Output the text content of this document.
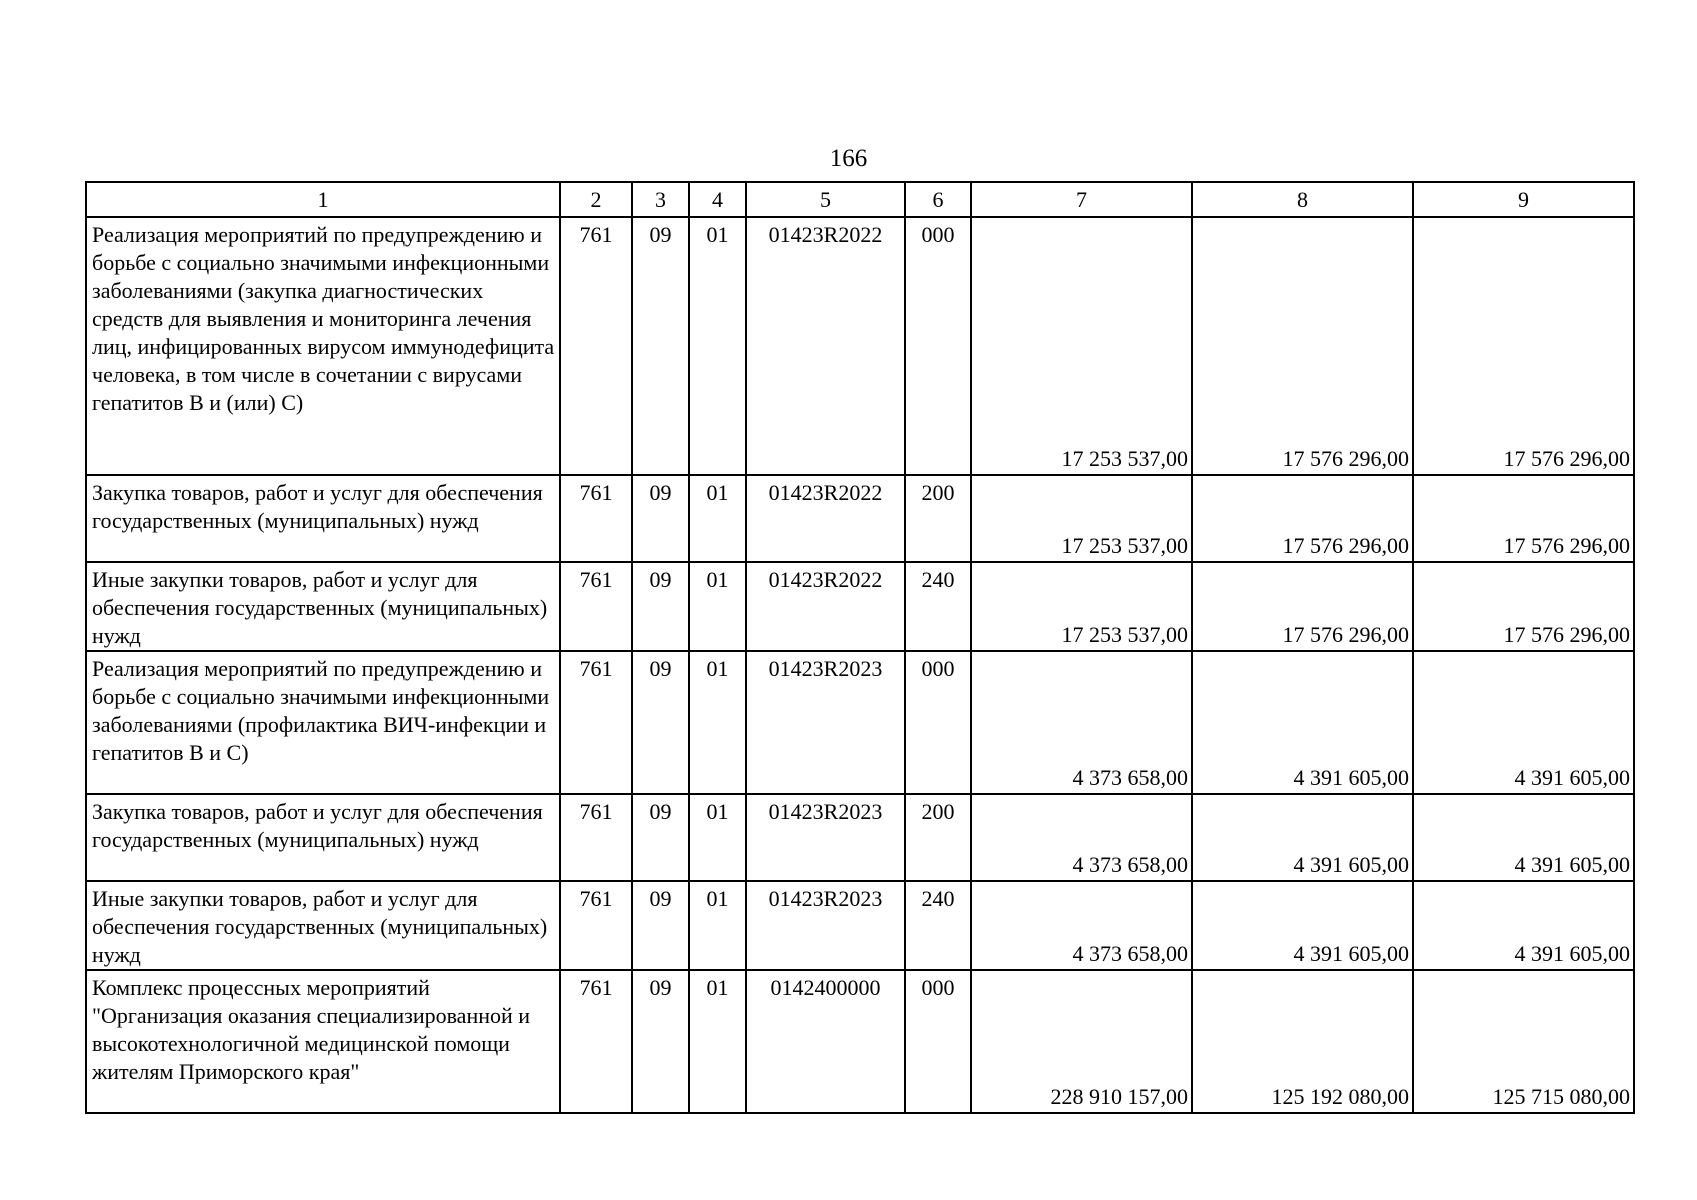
166
1	2	3	4	5	6	7	8	9
Реализация мероприятий по предупреждению и борьбе с социально значимыми инфекционными заболеваниями (закупка диагностических средств для выявления и мониторинга лечения лиц, инфицированных вирусом иммунодефицита человека, в том числе в сочетании с вирусами гепатитов В и (или) С)	761	09	01	01423R2022	000	17 253 537,00	17 576 296,00	17 576 296,00
Закупка товаров, работ и услуг для обеспечения государственных (муниципальных) нужд	761	09	01	01423R2022	200	17 253 537,00	17 576 296,00	17 576 296,00
Иные закупки товаров, работ и услуг для обеспечения государственных (муниципальных) нужд	761	09	01	01423R2022	240	17 253 537,00	17 576 296,00	17 576 296,00
Реализация мероприятий по предупреждению и борьбе с социально значимыми инфекционными заболеваниями (профилактика ВИЧ-инфекции и гепатитов В и С)	761	09	01	01423R2023	000	4 373 658,00	4 391 605,00	4 391 605,00
Закупка товаров, работ и услуг для обеспечения государственных (муниципальных) нужд	761	09	01	01423R2023	200	4 373 658,00	4 391 605,00	4 391 605,00
Иные закупки товаров, работ и услуг для обеспечения государственных (муниципальных) нужд	761	09	01	01423R2023	240	4 373 658,00	4 391 605,00	4 391 605,00
Комплекс процессных мероприятий "Организация оказания специализированной и высокотехнологичной медицинской помощи жителям Приморского края"	761	09	01	0142400000	000	228 910 157,00	125 192 080,00	125 715 080,00
